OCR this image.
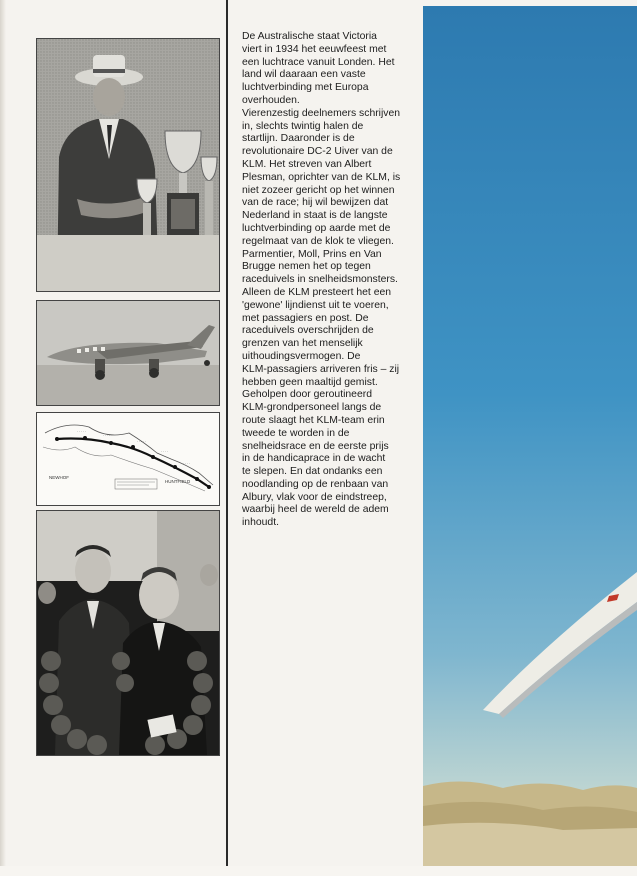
· · · · ·
· · · ·
· · · · ·
· · · ·
· · · ·
NEWHOF
HUNTFIELD

De Australische staat Victoria
viert in 1934 het eeuwfeest met
een luchtrace vanuit Londen. Het
land wil daaraan een vaste
luchtverbinding met Europa
overhouden.
Vierenzestig deelnemers schrijven
in, slechts twintig halen de
startlijn. Daaronder is de
revolutionaire DC-2 Uiver van de
KLM. Het streven van Albert
Plesman, oprichter van de KLM, is
niet zozeer gericht op het winnen
van de race; hij wil bewijzen dat
Nederland in staat is de langste
luchtverbinding op aarde met de
regelmaat van de klok te vliegen.
Parmentier, Moll, Prins en Van
Brugge nemen het op tegen
raceduivels in snelheidsmonsters.
Alleen de KLM presteert het een
'gewone' lijndienst uit te voeren,
met passagiers en post. De
raceduivels overschrijden de
grenzen van het menselijk
uithoudingsvermogen. De
KLM-passagiers arriveren fris – zij
hebben geen maaltijd gemist.
Geholpen door geroutineerd
KLM-grondpersoneel langs de
route slaagt het KLM-team erin
tweede te worden in de
snelheidsrace en de eerste prijs
in de handicaprace in de wacht
te slepen. En dat ondanks een
noodlanding op de renbaan van
Albury, vlak voor de eindstreep,
waarbij heel de wereld de adem
inhoudt.
